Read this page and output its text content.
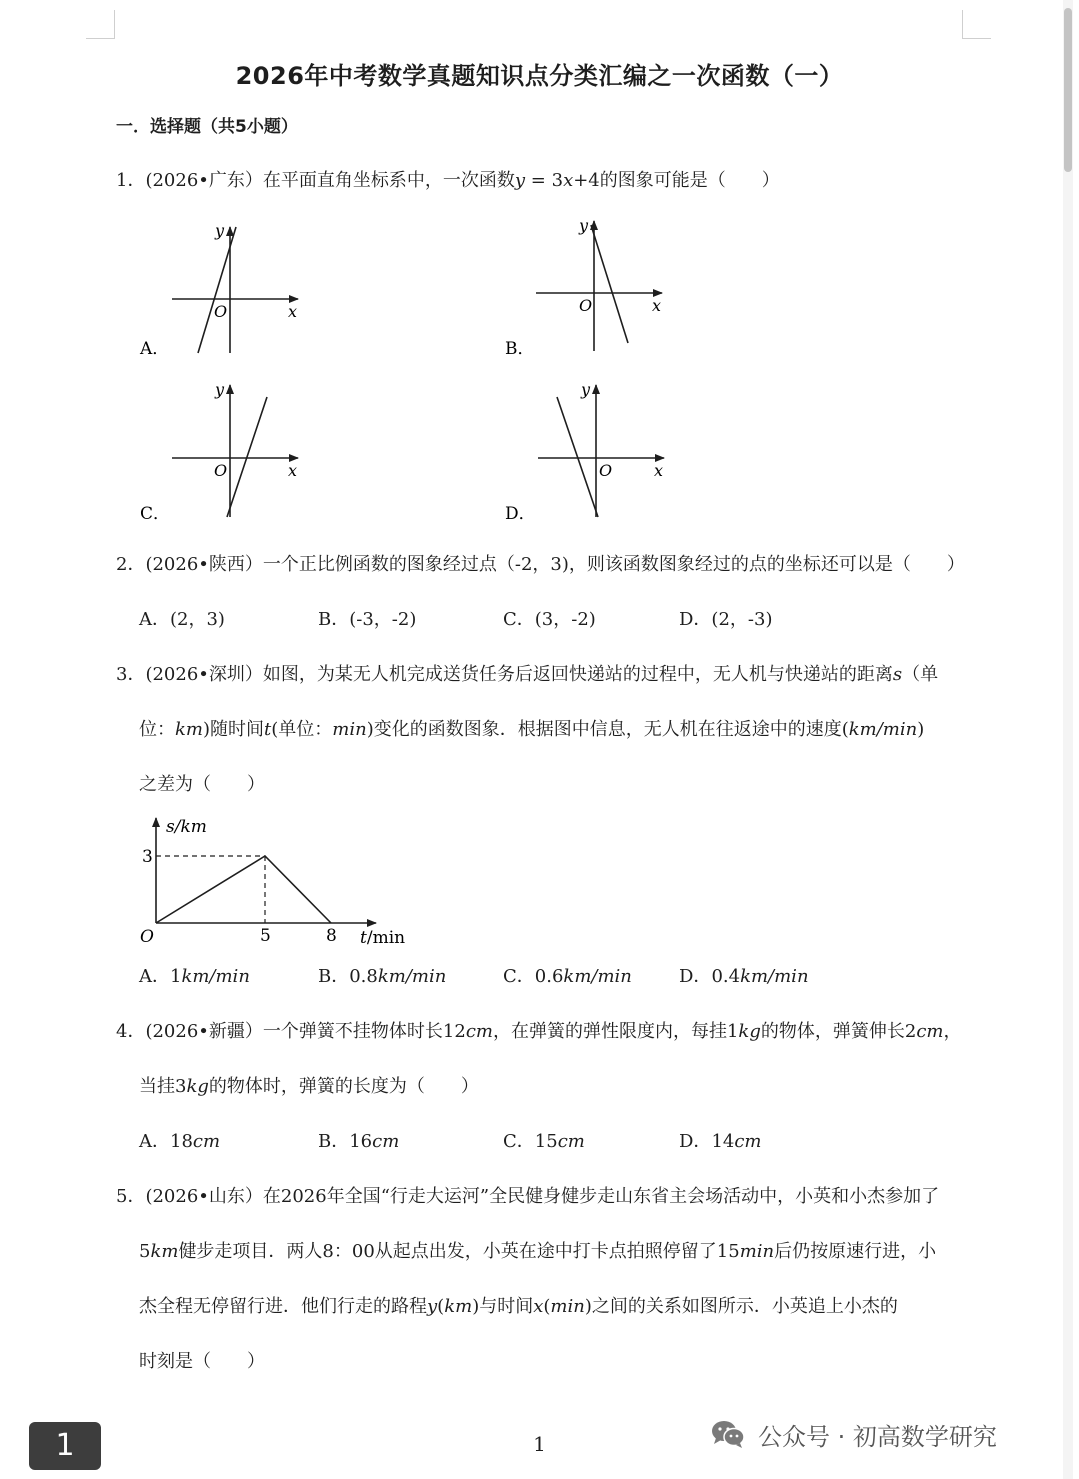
2026年中考数学真题知识点分类汇编之一次函数（一）
一．选择题（共5小题）
1．(2026•广东）在平面直角坐标系中，一次函数y = 3x+4的图象可能是（　　）
y
x
O
A．
y
x
O
B．
y
x
O
C．
y
x
O
D．
2．(2026•陕西）一个正比例函数的图象经过点（-2，3)，则该函数图象经过的点的坐标还可以是（　　）
A．(2，3)	B．(-3，-2)	C．(3，-2)	D．(2，-3)
3．(2026•深圳）如图，为某无人机完成送货任务后返回快递站的过程中，无人机与快递站的距离s（单
位：km)随时间t(单位：min)变化的函数图象．根据图中信息，无人机在往返途中的速度(km/min)
之差为（　　）
s/km
3
O	5	8 t/min
A．1km/min	B．0.8km/min	C．0.6km/min	D．0.4km/min
4．(2026•新疆）一个弹簧不挂物体时长12cm，在弹簧的弹性限度内，每挂1kg的物体，弹簧伸长2cm，
当挂3kg的物体时，弹簧的长度为（　　）
A．18cm	B．16cm	C．15cm	D．14cm
5．(2026•山东）在2026年全国“行走大运河”全民健身健步走山东省主会场活动中，小英和小杰参加了
5km健步走项目．两人8：00从起点出发，小英在途中打卡点拍照停留了15min后仍按原速行进，小
杰全程无停留行进．他们行走的路程y(km)与时间x(min)之间的关系如图所示．小英追上小杰的
时刻是（　　）
1
1	公众号 · 初高数学研究
